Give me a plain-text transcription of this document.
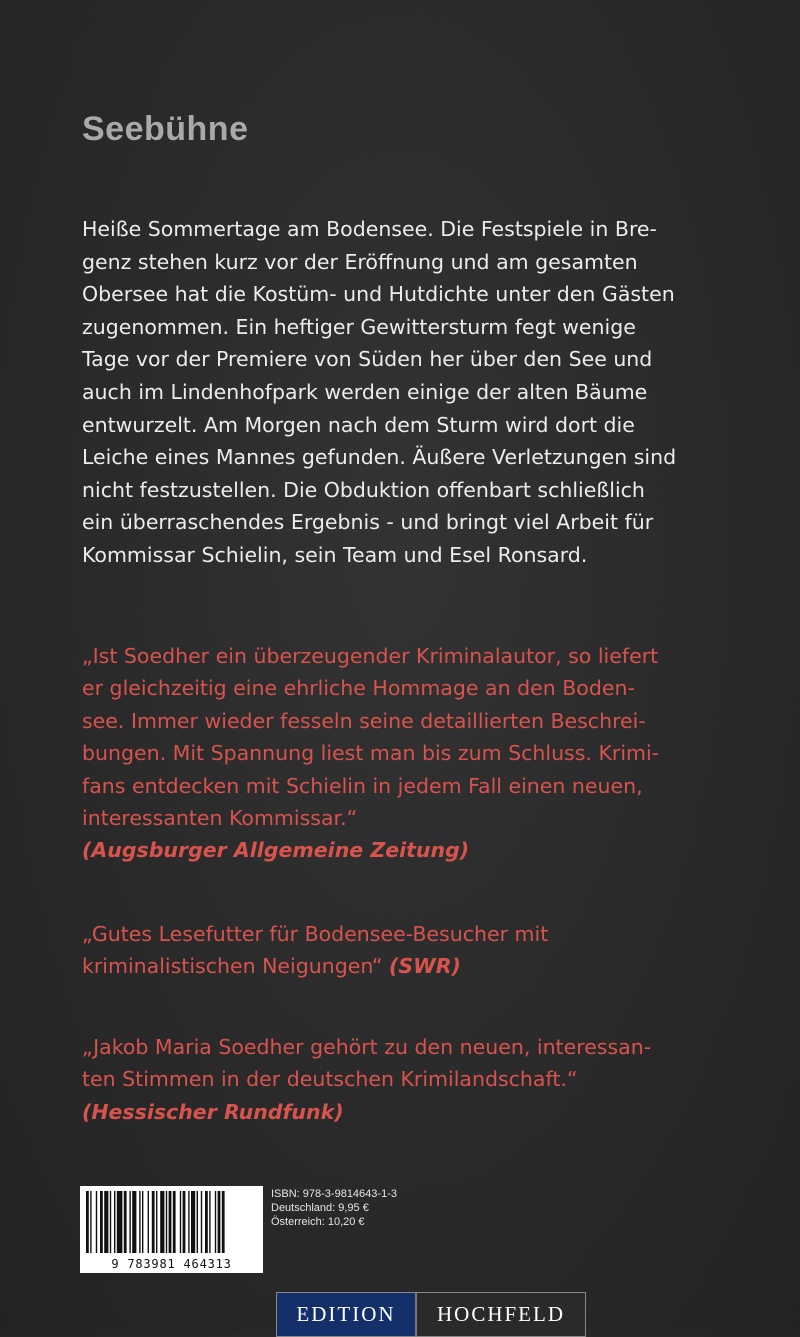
Seebühne
Heiße Sommertage am Bodensee. Die Festspiele in Bre-
genz stehen kurz vor der Eröffnung und am gesamten
Obersee hat die Kostüm- und Hutdichte unter den Gästen
zugenommen. Ein heftiger Gewittersturm fegt wenige
Tage vor der Premiere von Süden her über den See und
auch im Lindenhofpark werden einige der alten Bäume
entwurzelt. Am Morgen nach dem Sturm wird dort die
Leiche eines Mannes gefunden. Äußere Verletzungen sind
nicht festzustellen. Die Obduktion offenbart schließlich
ein überraschendes Ergebnis - und bringt viel Arbeit für
Kommissar Schielin, sein Team und Esel Ronsard.
„Ist Soedher ein überzeugender Kriminalautor, so liefert
er gleichzeitig eine ehrliche Hommage an den Boden-
see. Immer wieder fesseln seine detaillierten Beschrei-
bungen. Mit Spannung liest man bis zum Schluss. Krimi-
fans entdecken mit Schielin in jedem Fall einen neuen,
interessanten Kommissar.“
(Augsburger Allgemeine Zeitung)
„Gutes Lesefutter für Bodensee-Besucher mit
kriminalistischen Neigungen“ (SWR)
„Jakob Maria Soedher gehört zu den neuen, interessan-
ten Stimmen in der deutschen Krimilandschaft.“
(Hessischer Rundfunk)
9 783981 464313
ISBN: 978-3-9814643-1-3
Deutschland: 9,95 €
Österreich: 10,20 €
EDITION	HOCHFELD
